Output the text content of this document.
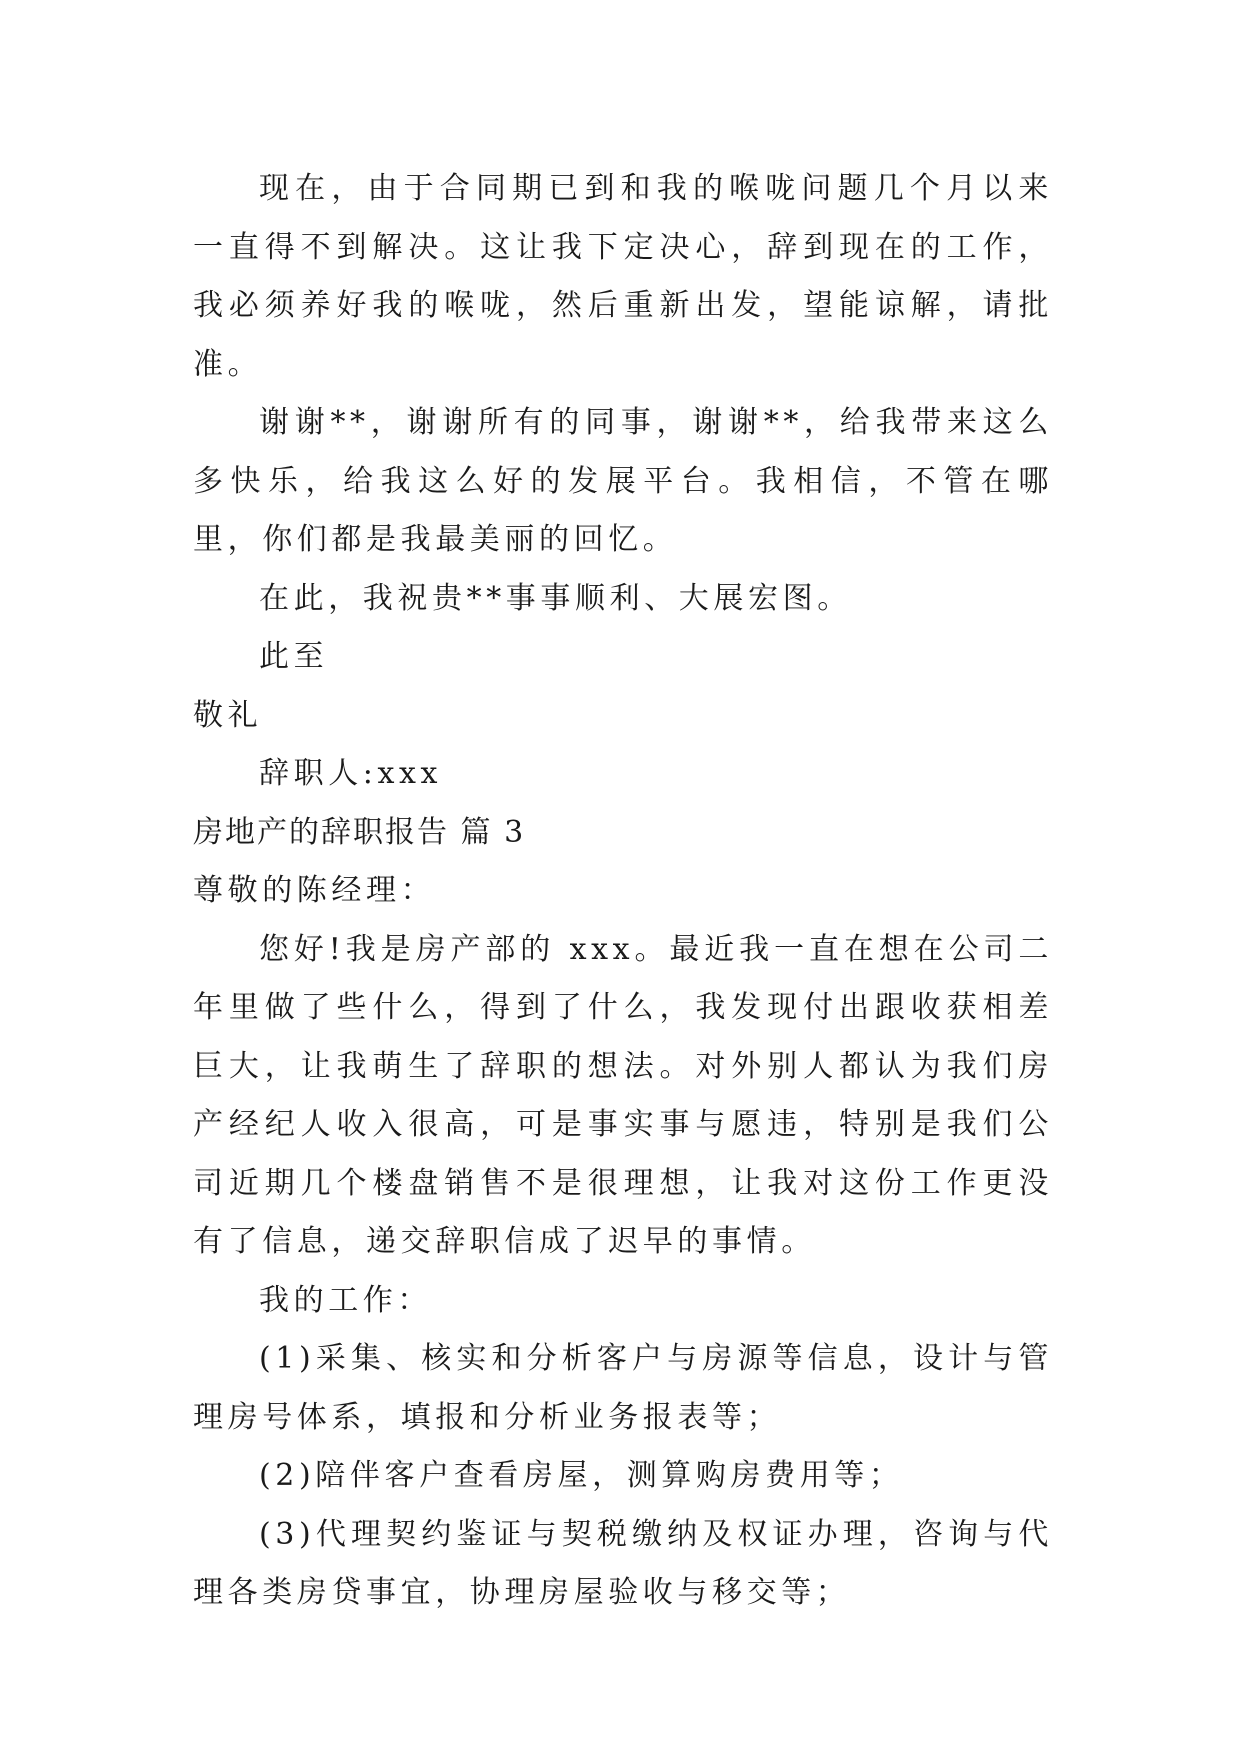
现在，由于合同期已到和我的喉咙问题几个月以来一直得不到解决。这让我下定决心，辞到现在的工作，我必须养好我的喉咙，然后重新出发，望能谅解，请批准。

谢谢**，谢谢所有的同事，谢谢**，给我带来这么多快乐，给我这么好的发展平台。我相信，不管在哪里，你们都是我最美丽的回忆。

在此，我祝贵**事事顺利、大展宏图。

此至

敬礼

辞职人:xxx

房地产的辞职报告 篇 3

尊敬的陈经理：

您好!我是房产部的 xxx。最近我一直在想在公司二年里做了些什么，得到了什么，我发现付出跟收获相差巨大，让我萌生了辞职的想法。对外别人都认为我们房产经纪人收入很高，可是事实事与愿违，特别是我们公司近期几个楼盘销售不是很理想，让我对这份工作更没有了信息，递交辞职信成了迟早的事情。

我的工作：

(1)采集、核实和分析客户与房源等信息，设计与管理房号体系，填报和分析业务报表等；

(2)陪伴客户查看房屋，测算购房费用等；

(3)代理契约鉴证与契税缴纳及权证办理，咨询与代理各类房贷事宜，协理房屋验收与移交等；
